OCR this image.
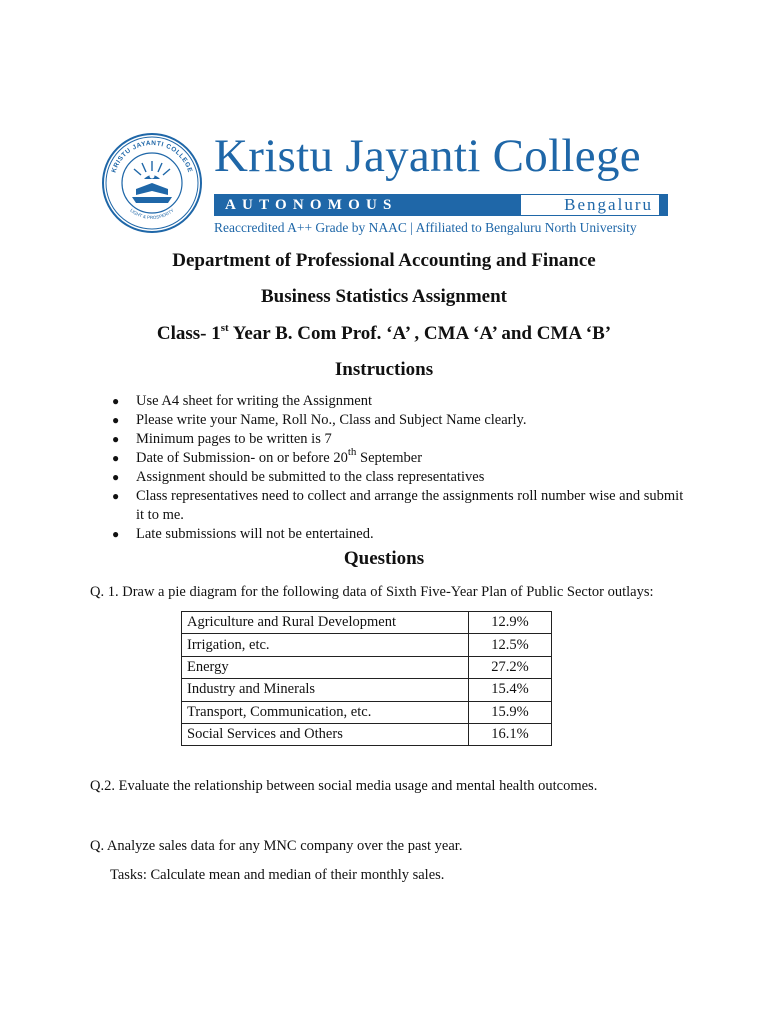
KRISTU JAYANTI COLLEGE
LIGHT & PROSPERITY
Kristu Jayanti College
AUTONOMOUS	Bengaluru
Reaccredited A++ Grade by NAAC | Affiliated to Bengaluru North University
Department of Professional Accounting and Finance
Business Statistics Assignment
Class- 1st Year B. Com Prof. ‘A’ , CMA ‘A’ and CMA ‘B’
Instructions
● Use A4 sheet for writing the Assignment
● Please write your Name, Roll No., Class and Subject Name clearly.
● Minimum pages to be written is 7
● Date of Submission- on or before 20th September
● Assignment should be submitted to the class representatives
● Class representatives need to collect and arrange the assignments roll number wise and submit it to me.
● Late submissions will not be entertained.
Questions
Q. 1. Draw a pie diagram for the following data of Sixth Five-Year Plan of Public Sector outlays:
Agriculture and Rural Development	12.9%
Irrigation, etc.	12.5%
Energy	27.2%
Industry and Minerals	15.4%
Transport, Communication, etc.	15.9%
Social Services and Others	16.1%
Q.2. Evaluate the relationship between social media usage and mental health outcomes.
Q. Analyze sales data for any MNC company over the past year.
Tasks: Calculate mean and median of their monthly sales.
